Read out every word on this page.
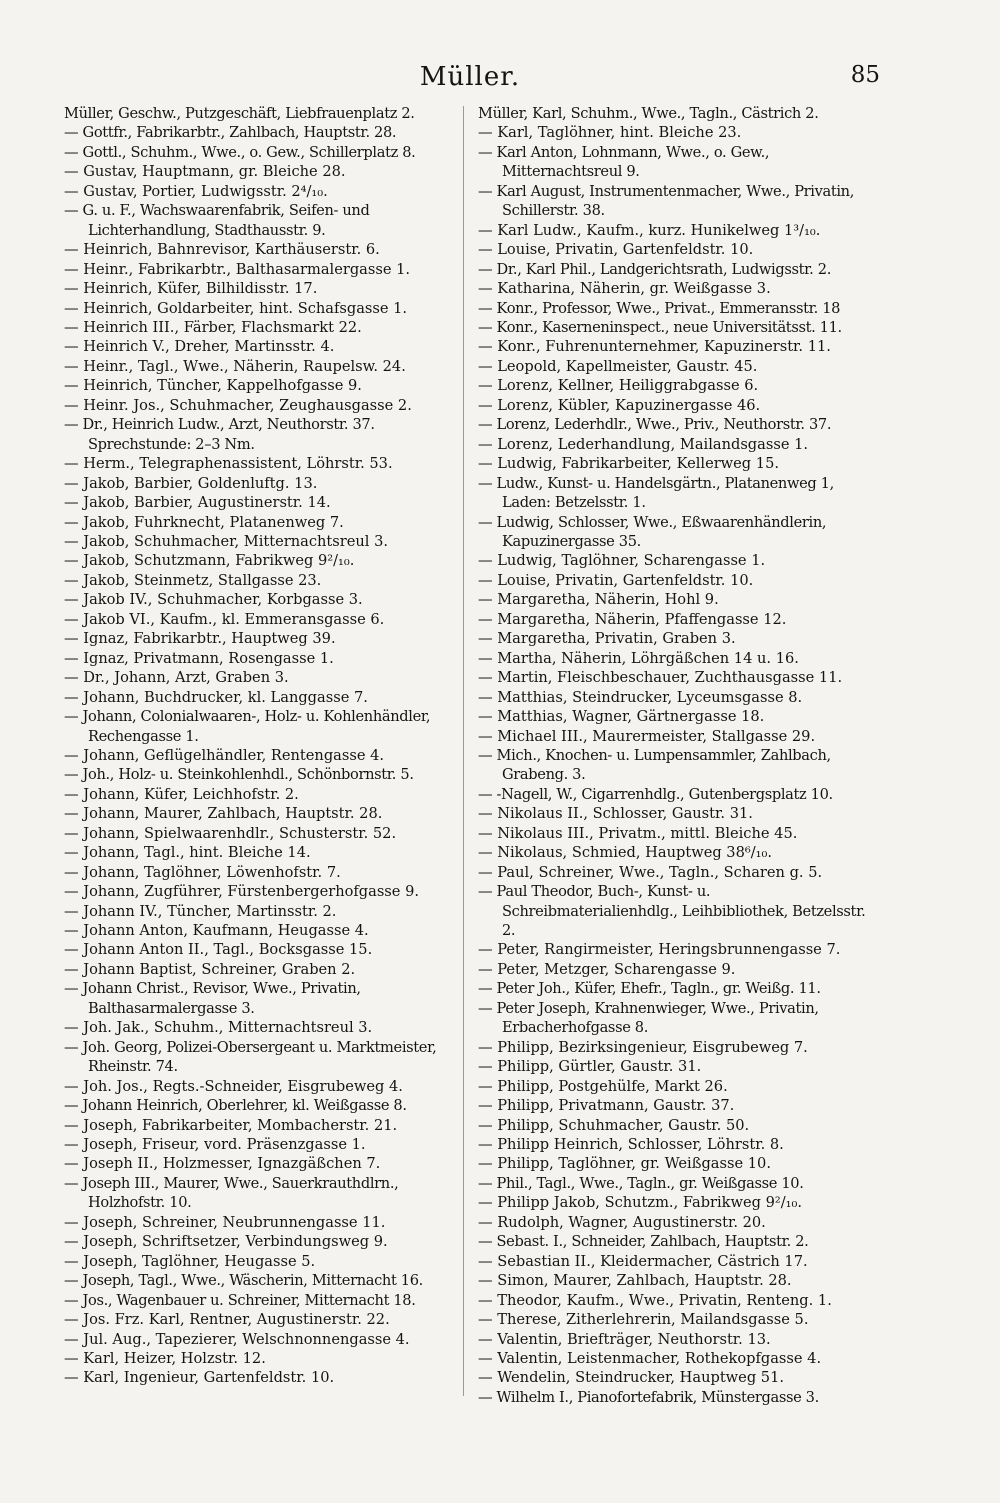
Müller.	85

Müller, Geschw., Putzgeschäft, Liebfrauenplatz 2.

— Gottfr., Fabrikarbtr., Zahlbach, Hauptstr. 28.

— Gottl., Schuhm., Wwe., o. Gew., Schillerplatz 8.

— Gustav, Hauptmann, gr. Bleiche 28.

— Gustav, Portier, Ludwigsstr. 2⁴/₁₀.

— G. u. F., Wachswaarenfabrik, Seifen- und Lichterhandlung, Stadthausstr. 9.

— Heinrich, Bahnrevisor, Karthäuserstr. 6.

— Heinr., Fabrikarbtr., Balthasarmalergasse 1.

— Heinrich, Küfer, Bilhildisstr. 17.

— Heinrich, Goldarbeiter, hint. Schafsgasse 1.

— Heinrich III., Färber, Flachsmarkt 22.

— Heinrich V., Dreher, Martinsstr. 4.

— Heinr., Tagl., Wwe., Näherin, Raupelsw. 24.

— Heinrich, Tüncher, Kappelhofgasse 9.

— Heinr. Jos., Schuhmacher, Zeughausgasse 2.

— Dr., Heinrich Ludw., Arzt, Neuthorstr. 37. Sprechstunde: 2–3 Nm.

— Herm., Telegraphenassistent, Löhrstr. 53.

— Jakob, Barbier, Goldenluftg. 13.

— Jakob, Barbier, Augustinerstr. 14.

— Jakob, Fuhrknecht, Platanenweg 7.

— Jakob, Schuhmacher, Mitternachtsreul 3.

— Jakob, Schutzmann, Fabrikweg 9²/₁₀.

— Jakob, Steinmetz, Stallgasse 23.

— Jakob IV., Schuhmacher, Korbgasse 3.

— Jakob VI., Kaufm., kl. Emmeransgasse 6.

— Ignaz, Fabrikarbtr., Hauptweg 39.

— Ignaz, Privatmann, Rosengasse 1.

— Dr., Johann, Arzt, Graben 3.

— Johann, Buchdrucker, kl. Langgasse 7.

— Johann, Colonialwaaren-, Holz- u. Kohlenhändler, Rechengasse 1.

— Johann, Geflügelhändler, Rentengasse 4.

— Joh., Holz- u. Steinkohlenhdl., Schönbornstr. 5.

— Johann, Küfer, Leichhofstr. 2.

— Johann, Maurer, Zahlbach, Hauptstr. 28.

— Johann, Spielwaarenhdlr., Schusterstr. 52.

— Johann, Tagl., hint. Bleiche 14.

— Johann, Taglöhner, Löwenhofstr. 7.

— Johann, Zugführer, Fürstenbergerhofgasse 9.

— Johann IV., Tüncher, Martinsstr. 2.

— Johann Anton, Kaufmann, Heugasse 4.

— Johann Anton II., Tagl., Bocksgasse 15.

— Johann Baptist, Schreiner, Graben 2.

— Johann Christ., Revisor, Wwe., Privatin, Balthasarmalergasse 3.

— Joh. Jak., Schuhm., Mitternachtsreul 3.

— Joh. Georg, Polizei-Obersergeant u. Marktmeister, Rheinstr. 74.

— Joh. Jos., Regts.-Schneider, Eisgrubeweg 4.

— Johann Heinrich, Oberlehrer, kl. Weißgasse 8.

— Joseph, Fabrikarbeiter, Mombacherstr. 21.

— Joseph, Friseur, vord. Präsenzgasse 1.

— Joseph II., Holzmesser, Ignazgäßchen 7.

— Joseph III., Maurer, Wwe., Sauerkrauthdlrn., Holzhofstr. 10.

— Joseph, Schreiner, Neubrunnengasse 11.

— Joseph, Schriftsetzer, Verbindungsweg 9.

— Joseph, Taglöhner, Heugasse 5.

— Joseph, Tagl., Wwe., Wäscherin, Mitternacht 16.

— Jos., Wagenbauer u. Schreiner, Mitternacht 18.

— Jos. Frz. Karl, Rentner, Augustinerstr. 22.

— Jul. Aug., Tapezierer, Welschnonnengasse 4.

— Karl, Heizer, Holzstr. 12.

— Karl, Ingenieur, Gartenfeldstr. 10.

Müller, Karl, Schuhm., Wwe., Tagln., Cästrich 2.

— Karl, Taglöhner, hint. Bleiche 23.

— Karl Anton, Lohnmann, Wwe., o. Gew., Mitternachtsreul 9.

— Karl August, Instrumentenmacher, Wwe., Privatin, Schillerstr. 38.

— Karl Ludw., Kaufm., kurz. Hunikelweg 1³/₁₀.

— Louise, Privatin, Gartenfeldstr. 10.

— Dr., Karl Phil., Landgerichtsrath, Ludwigsstr. 2.

— Katharina, Näherin, gr. Weißgasse 3.

— Konr., Professor, Wwe., Privat., Emmeransstr. 18

— Konr., Kaserneninspect., neue Universitätsst. 11.

— Konr., Fuhrenunternehmer, Kapuzinerstr. 11.

— Leopold, Kapellmeister, Gaustr. 45.

— Lorenz, Kellner, Heiliggrabgasse 6.

— Lorenz, Kübler, Kapuzinergasse 46.

— Lorenz, Lederhdlr., Wwe., Priv., Neuthorstr. 37.

— Lorenz, Lederhandlung, Mailandsgasse 1.

— Ludwig, Fabrikarbeiter, Kellerweg 15.

— Ludw., Kunst- u. Handelsgärtn., Platanenweg 1, Laden: Betzelsstr. 1.

— Ludwig, Schlosser, Wwe., Eßwaarenhändlerin, Kapuzinergasse 35.

— Ludwig, Taglöhner, Scharengasse 1.

— Louise, Privatin, Gartenfeldstr. 10.

— Margaretha, Näherin, Hohl 9.

— Margaretha, Näherin, Pfaffengasse 12.

— Margaretha, Privatin, Graben 3.

— Martha, Näherin, Löhrgäßchen 14 u. 16.

— Martin, Fleischbeschauer, Zuchthausgasse 11.

— Matthias, Steindrucker, Lyceumsgasse 8.

— Matthias, Wagner, Gärtnergasse 18.

— Michael III., Maurermeister, Stallgasse 29.

— Mich., Knochen- u. Lumpensammler, Zahlbach, Grabeng. 3.

— -Nagell, W., Cigarrenhdlg., Gutenbergsplatz 10.

— Nikolaus II., Schlosser, Gaustr. 31.

— Nikolaus III., Privatm., mittl. Bleiche 45.

— Nikolaus, Schmied, Hauptweg 38⁶/₁₀.

— Paul, Schreiner, Wwe., Tagln., Scharen g. 5.

— Paul Theodor, Buch-, Kunst- u. Schreibmaterialienhdlg., Leihbibliothek, Betzelsstr. 2.

— Peter, Rangirmeister, Heringsbrunnengasse 7.

— Peter, Metzger, Scharengasse 9.

— Peter Joh., Küfer, Ehefr., Tagln., gr. Weißg. 11.

— Peter Joseph, Krahnenwieger, Wwe., Privatin, Erbacherhofgasse 8.

— Philipp, Bezirksingenieur, Eisgrubeweg 7.

— Philipp, Gürtler, Gaustr. 31.

— Philipp, Postgehülfe, Markt 26.

— Philipp, Privatmann, Gaustr. 37.

— Philipp, Schuhmacher, Gaustr. 50.

— Philipp Heinrich, Schlosser, Löhrstr. 8.

— Philipp, Taglöhner, gr. Weißgasse 10.

— Phil., Tagl., Wwe., Tagln., gr. Weißgasse 10.

— Philipp Jakob, Schutzm., Fabrikweg 9²/₁₀.

— Rudolph, Wagner, Augustinerstr. 20.

— Sebast. I., Schneider, Zahlbach, Hauptstr. 2.

— Sebastian II., Kleidermacher, Cästrich 17.

— Simon, Maurer, Zahlbach, Hauptstr. 28.

— Theodor, Kaufm., Wwe., Privatin, Renteng. 1.

— Therese, Zitherlehrerin, Mailandsgasse 5.

— Valentin, Briefträger, Neuthorstr. 13.

— Valentin, Leistenmacher, Rothekopfgasse 4.

— Wendelin, Steindrucker, Hauptweg 51.

— Wilhelm I., Pianofortefabrik, Münstergasse 3.
